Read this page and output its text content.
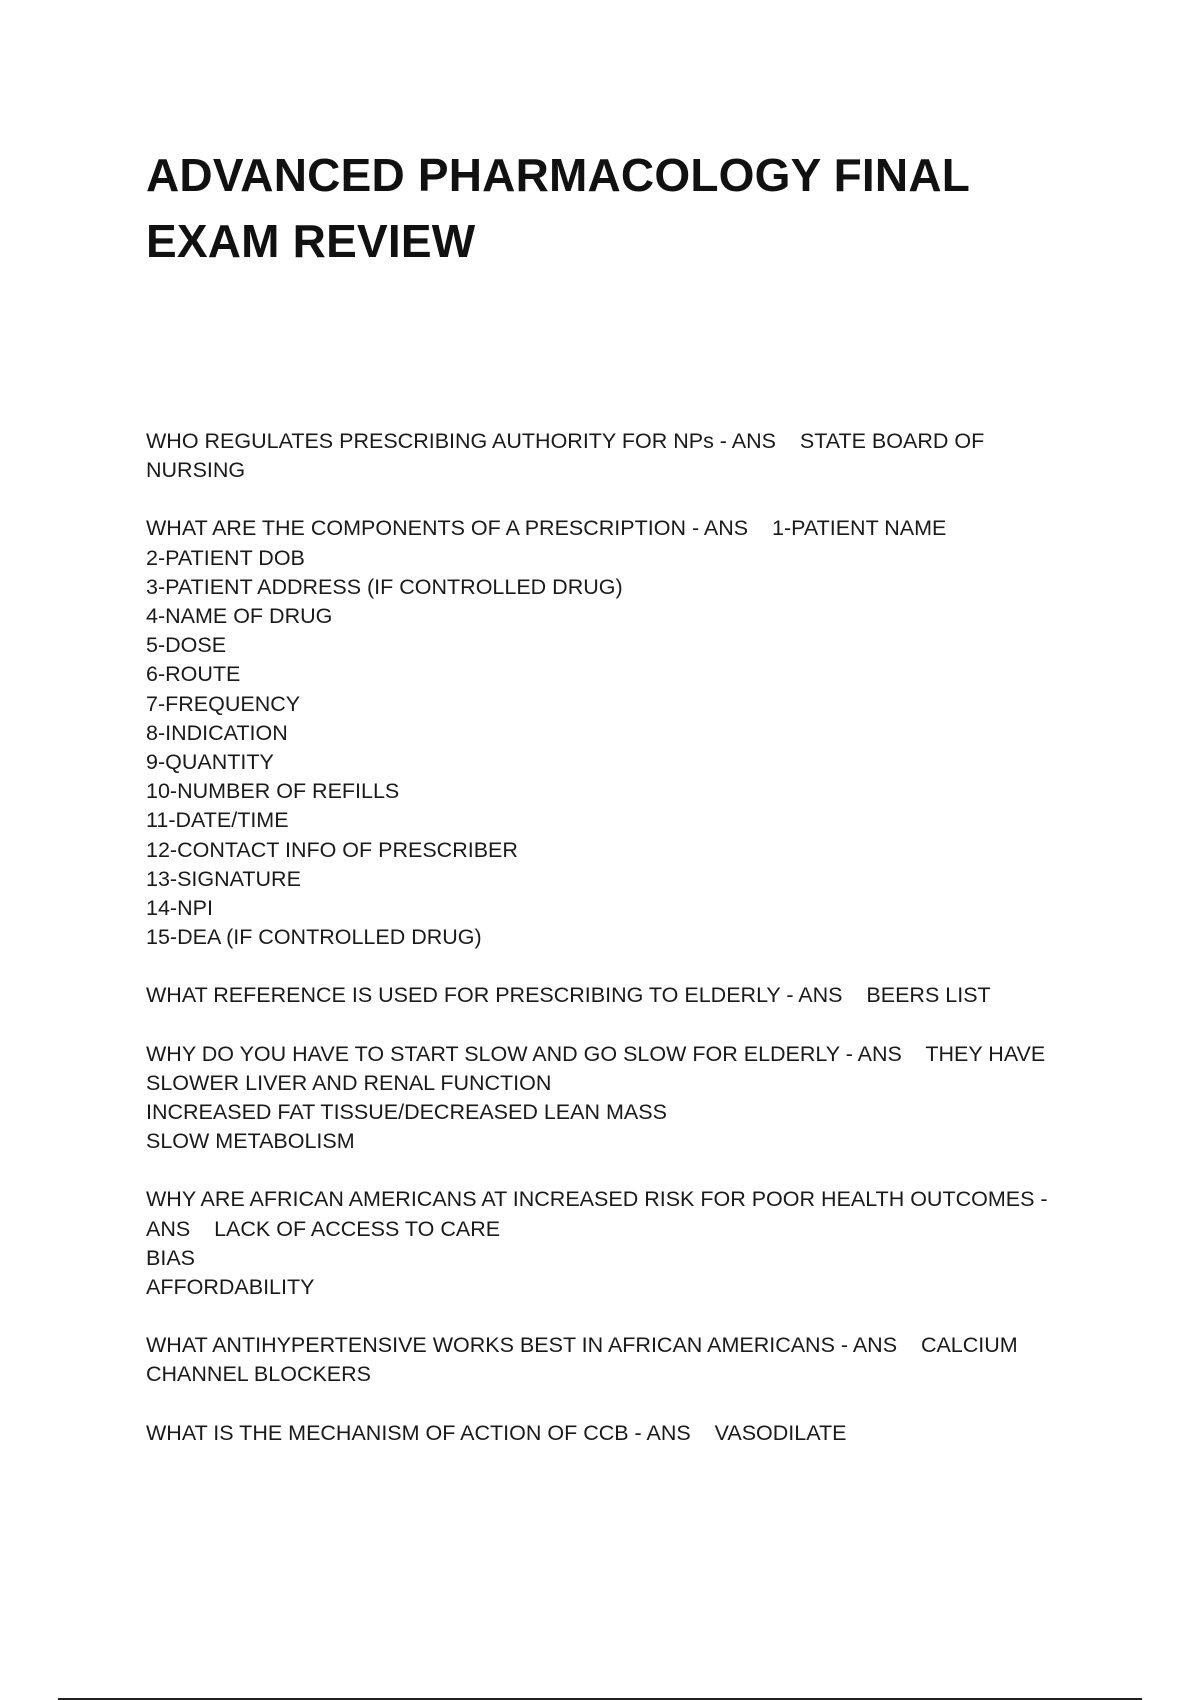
ADVANCED PHARMACOLOGY FINAL
EXAM REVIEW
WHO REGULATES PRESCRIBING AUTHORITY FOR NPs - ANS    STATE BOARD OF
NURSING
WHAT ARE THE COMPONENTS OF A PRESCRIPTION - ANS    1-PATIENT NAME
2-PATIENT DOB
3-PATIENT ADDRESS (IF CONTROLLED DRUG)
4-NAME OF DRUG
5-DOSE
6-ROUTE
7-FREQUENCY
8-INDICATION
9-QUANTITY
10-NUMBER OF REFILLS
11-DATE/TIME
12-CONTACT INFO OF PRESCRIBER
13-SIGNATURE
14-NPI
15-DEA (IF CONTROLLED DRUG)
WHAT REFERENCE IS USED FOR PRESCRIBING TO ELDERLY - ANS    BEERS LIST
WHY DO YOU HAVE TO START SLOW AND GO SLOW FOR ELDERLY - ANS    THEY HAVE
SLOWER LIVER AND RENAL FUNCTION
INCREASED FAT TISSUE/DECREASED LEAN MASS
SLOW METABOLISM
WHY ARE AFRICAN AMERICANS AT INCREASED RISK FOR POOR HEALTH OUTCOMES -
ANS    LACK OF ACCESS TO CARE
BIAS
AFFORDABILITY
WHAT ANTIHYPERTENSIVE WORKS BEST IN AFRICAN AMERICANS - ANS    CALCIUM
CHANNEL BLOCKERS
WHAT IS THE MECHANISM OF ACTION OF CCB - ANS    VASODILATE
